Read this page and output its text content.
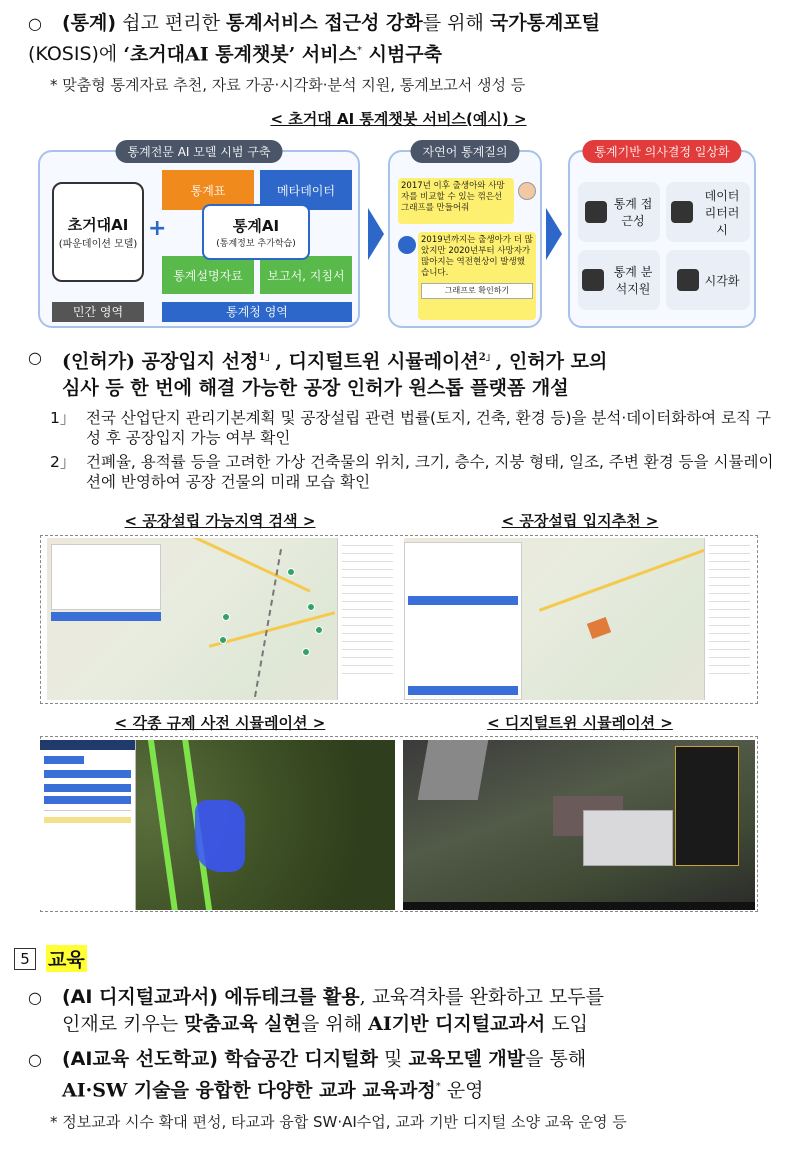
○	(통계) 쉽고 편리한 통계서비스 접근성 강화를 위해 국가통계포털
(KOSIS)에 ‘초거대AI 통계챗봇’ 서비스* 시범구축
* 맞춤형 통계자료 추천, 자료 가공·시각화·분석 지원, 통계보고서 생성 등
< 초거대 AI 통계챗봇 서비스(예시) >
통계전문 AI 모델 시범 구축
초거대AI
(파운데이션 모델)
+
통계표	메타데이터
통계설명자료	보고서, 지침서
통계AI
(통계정보 추가학습)
민간 영역	통계청 영역
자연어 통계질의
2017년 이후 출생아와 사망자를 비교할 수 있는 꺾은선 그래프를 만들어줘
2019년까지는 출생아가 더 많았지만 2020년부터 사망자가 많아지는 역전현상이 발생했습니다.
그래프로 확인하기
통계기반 의사결정 일상화
통계 접근성
데이터 리터러시
통계 분석지원
시각화
○	(인허가) 공장입지 선정$^{1」}$, 디지털트윈 시뮬레이션$^{2」}$, 인허가 모의
심사 등 한 번에 해결 가능한 공장 인허가 원스톱 플랫폼 개설
1」 전국 산업단지 관리기본계획 및 공장설립 관련 법률(토지, 건축, 환경 등)을 분석·데이터화하여 로직 구성 후 공장입지 가능 여부 확인
2」 건폐율, 용적률 등을 고려한 가상 건축물의 위치, 크기, 층수, 지붕 형태, 일조, 주변 환경 등을 시뮬레이션에 반영하여 공장 건물의 미래 모습 확인
< 공장설립 가능지역 검색 >	< 공장설립 입지추천 >
< 각종 규제 사전 시뮬레이션 >	< 디지털트윈 시뮬레이션 >
5 교육
○	(AI 디지털교과서) 에듀테크를 활용, 교육격차를 완화하고 모두를
인재로 키우는 맞춤교육 실현을 위해 AI기반 디지털교과서 도입
○	(AI교육 선도학교) 학습공간 디지털화 및 교육모델 개발을 통해
AI·SW 기술을 융합한 다양한 교과 교육과정* 운영
* 정보교과 시수 확대 편성, 타교과 융합 SW·AI수업, 교과 기반 디지털 소양 교육 운영 등
